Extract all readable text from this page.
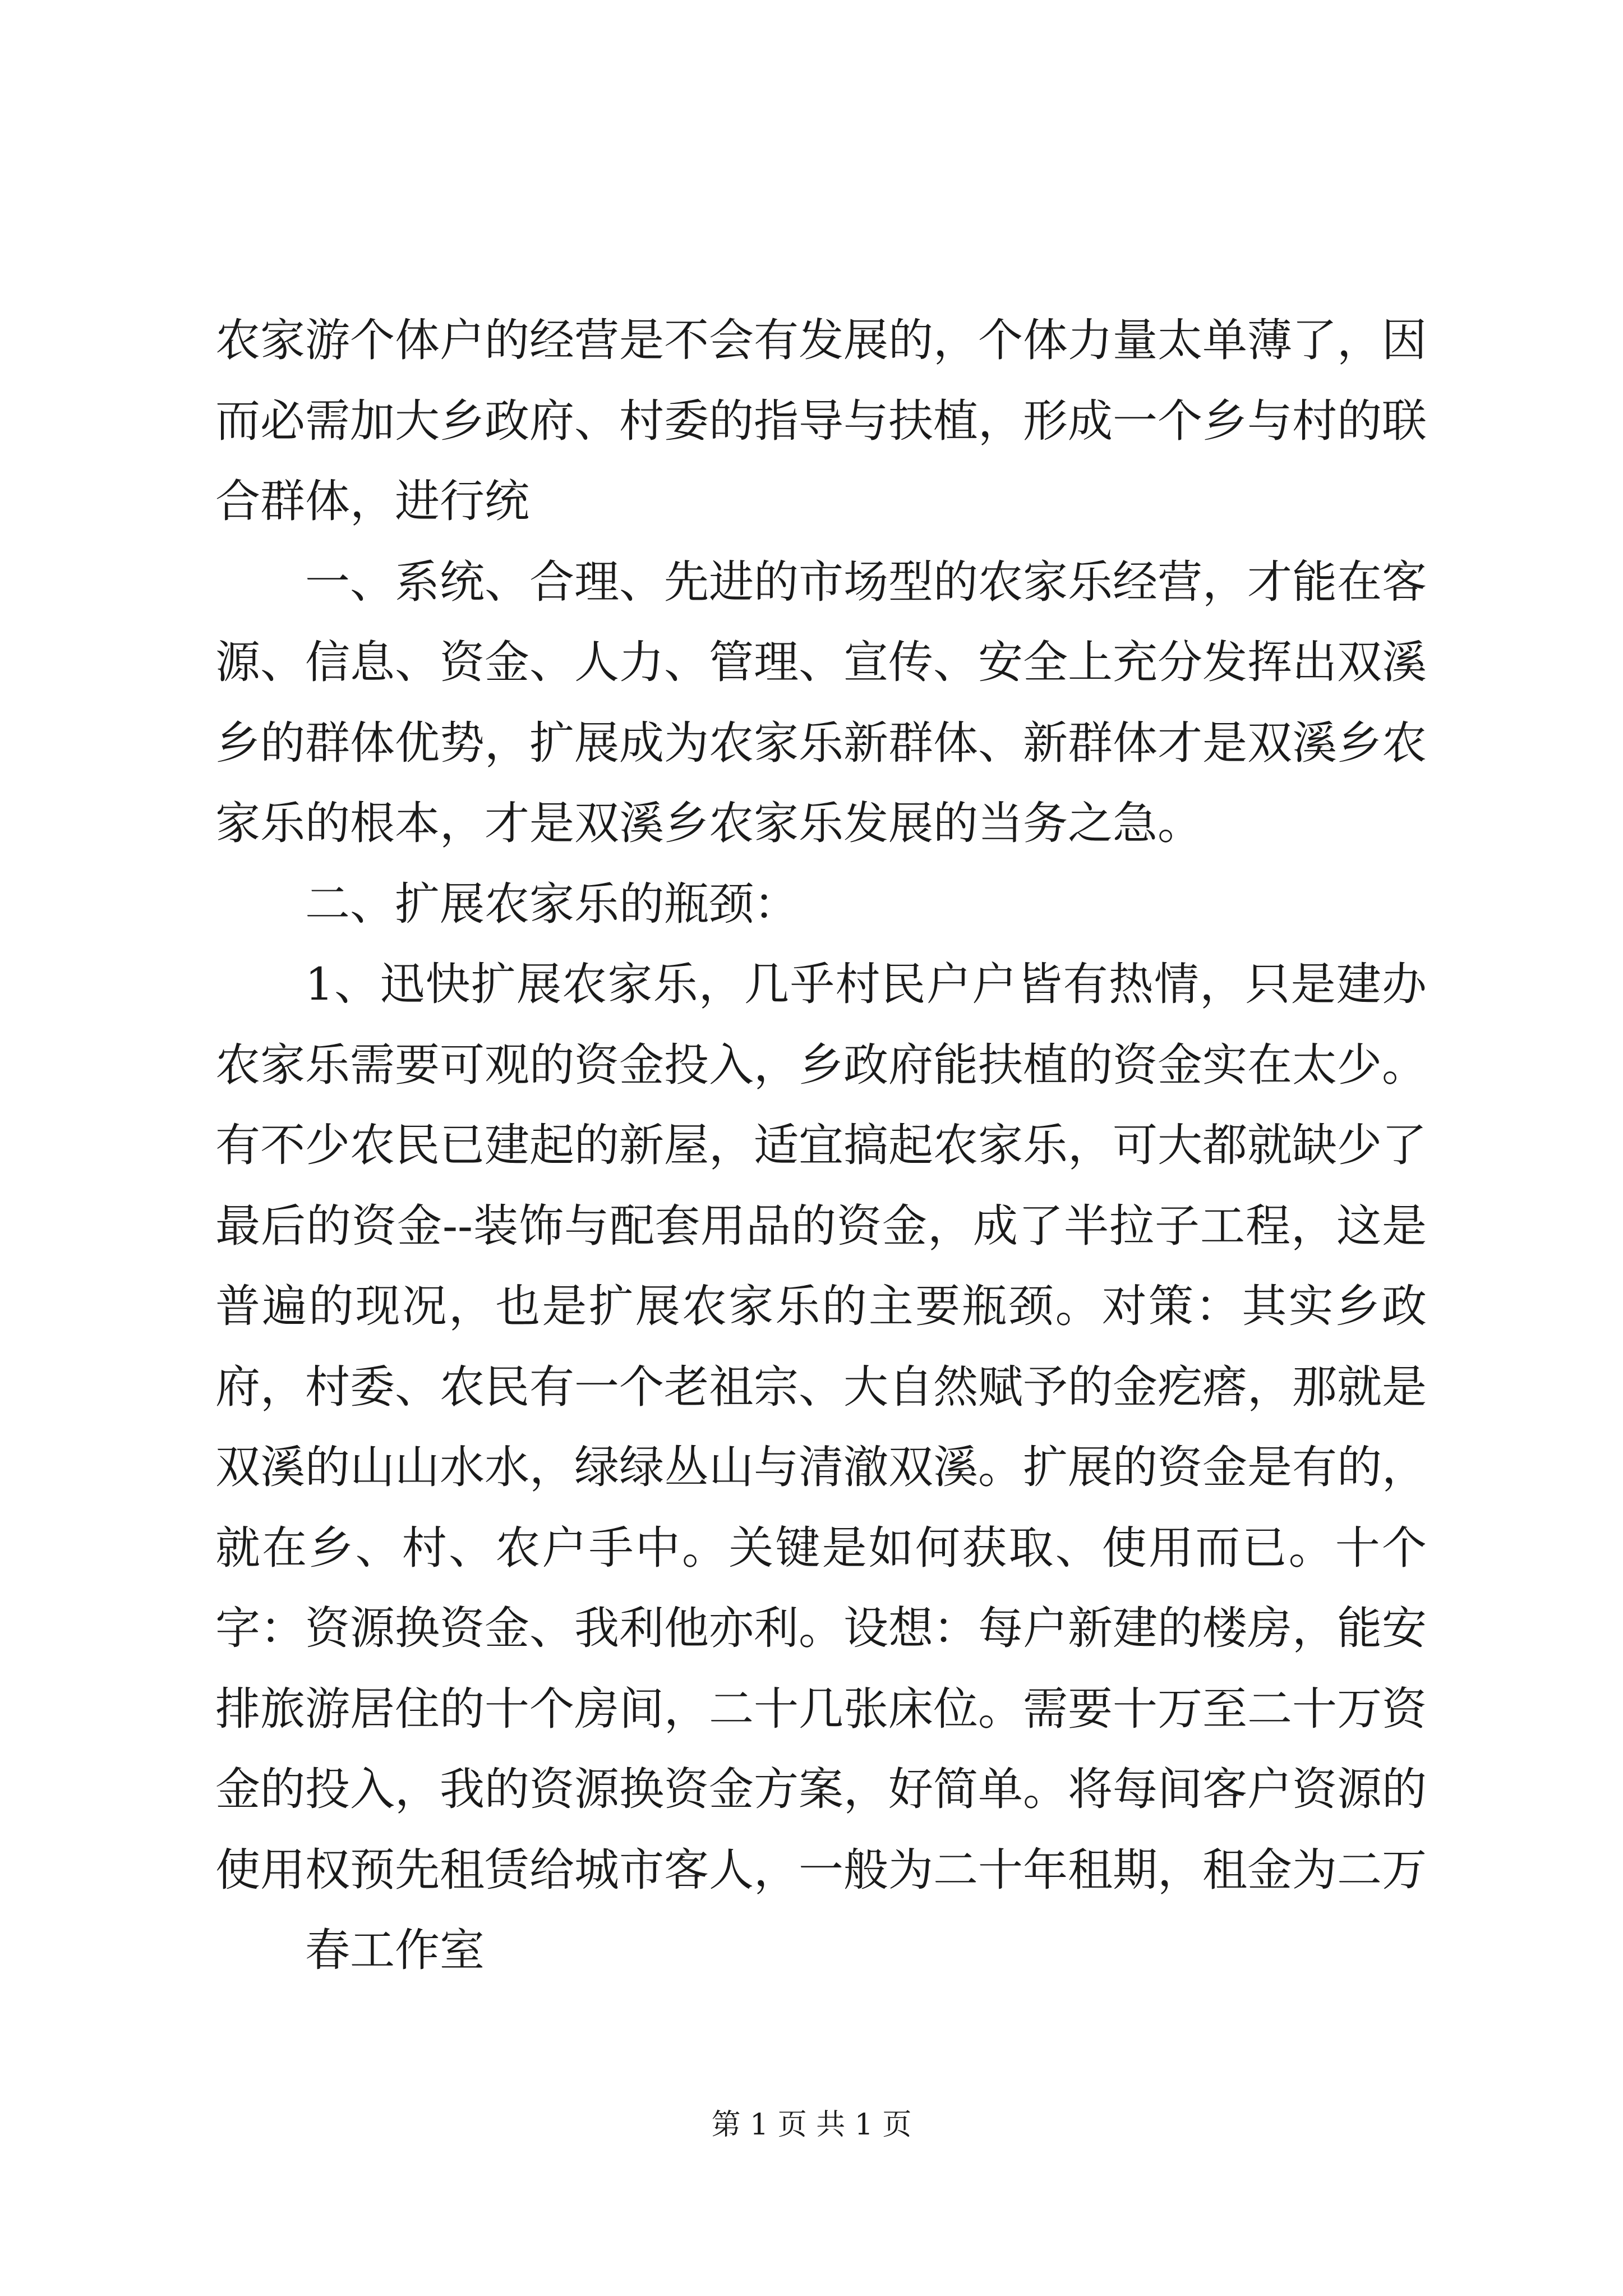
农家游个体户的经营是不会有发展的，个体力量太单薄了，因而必需加大乡政府、村委的指导与扶植，形成一个乡与村的联合群体，进行统

一、系统、合理、先进的市场型的农家乐经营，才能在客源、信息、资金、人力、管理、宣传、安全上充分发挥出双溪乡的群体优势，扩展成为农家乐新群体、新群体才是双溪乡农家乐的根本，才是双溪乡农家乐发展的当务之急。

二、扩展农家乐的瓶颈：

1、迅快扩展农家乐，几乎村民户户皆有热情，只是建办农家乐需要可观的资金投入，乡政府能扶植的资金实在太少。有不少农民已建起的新屋，适宜搞起农家乐，可大都就缺少了最后的资金--装饰与配套用品的资金，成了半拉子工程，这是普遍的现况，也是扩展农家乐的主要瓶颈。对策：其实乡政府，村委、农民有一个老祖宗、大自然赋予的金疙瘩，那就是双溪的山山水水，绿绿丛山与清澈双溪。扩展的资金是有的，就在乡、村、农户手中。关键是如何获取、使用而已。十个字：资源换资金、我利他亦利。设想：每户新建的楼房，能安排旅游居住的十个房间，二十几张床位。需要十万至二十万资金的投入，我的资源换资金方案，好简单。将每间客户资源的使用权预先租赁给城市客人，一般为二十年租期，租金为二万

春工作室

第 1 页 共 1 页
